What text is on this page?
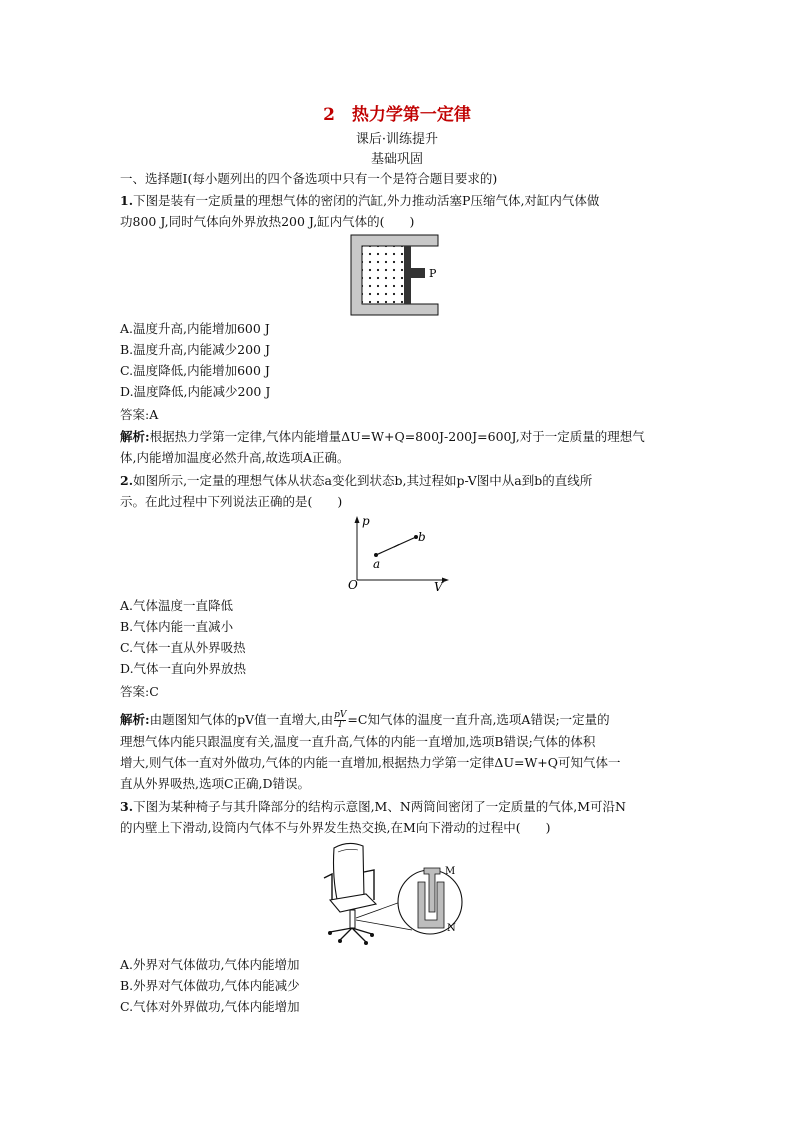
2　热力学第一定律
课后·训练提升
基础巩固
一、选择题Ⅰ(每小题列出的四个备选项中只有一个是符合题目要求的)
1.下图是装有一定质量的理想气体的密闭的汽缸,外力推动活塞P压缩气体,对缸内气体做
功800 J,同时气体向外界放热200 J,缸内气体的(　　)
P
A.温度升高,内能增加600 J
B.温度升高,内能减少200 J
C.温度降低,内能增加600 J
D.温度降低,内能减少200 J
答案:A
解析:根据热力学第一定律,气体内能增量ΔU=W+Q=800J-200J=600J,对于一定质量的理想气
体,内能增加温度必然升高,故选项A正确。
2.如图所示,一定量的理想气体从状态a变化到状态b,其过程如p-V图中从a到b的直线所
示。在此过程中下列说法正确的是(　　)
p
V
O
a
b
A.气体温度一直降低
B.气体内能一直减小
C.气体一直从外界吸热
D.气体一直向外界放热
答案:C
解析:由题图知气体的pV值一直增大,由 $\frac{pV}{T} =C$知气体的温度一直升高,选项A错误;一定量的
理想气体内能只跟温度有关,温度一直升高,气体的内能一直增加,选项B错误;气体的体积
增大,则气体一直对外做功,气体的内能一直增加,根据热力学第一定律ΔU=W+Q可知气体一
直从外界吸热,选项C正确,D错误。
3.下图为某种椅子与其升降部分的结构示意图,M、N两筒间密闭了一定质量的气体,M可沿N
的内壁上下滑动,设筒内气体不与外界发生热交换,在M向下滑动的过程中(　　)
M
N
A.外界对气体做功,气体内能增加
B.外界对气体做功,气体内能减少
C.气体对外界做功,气体内能增加
